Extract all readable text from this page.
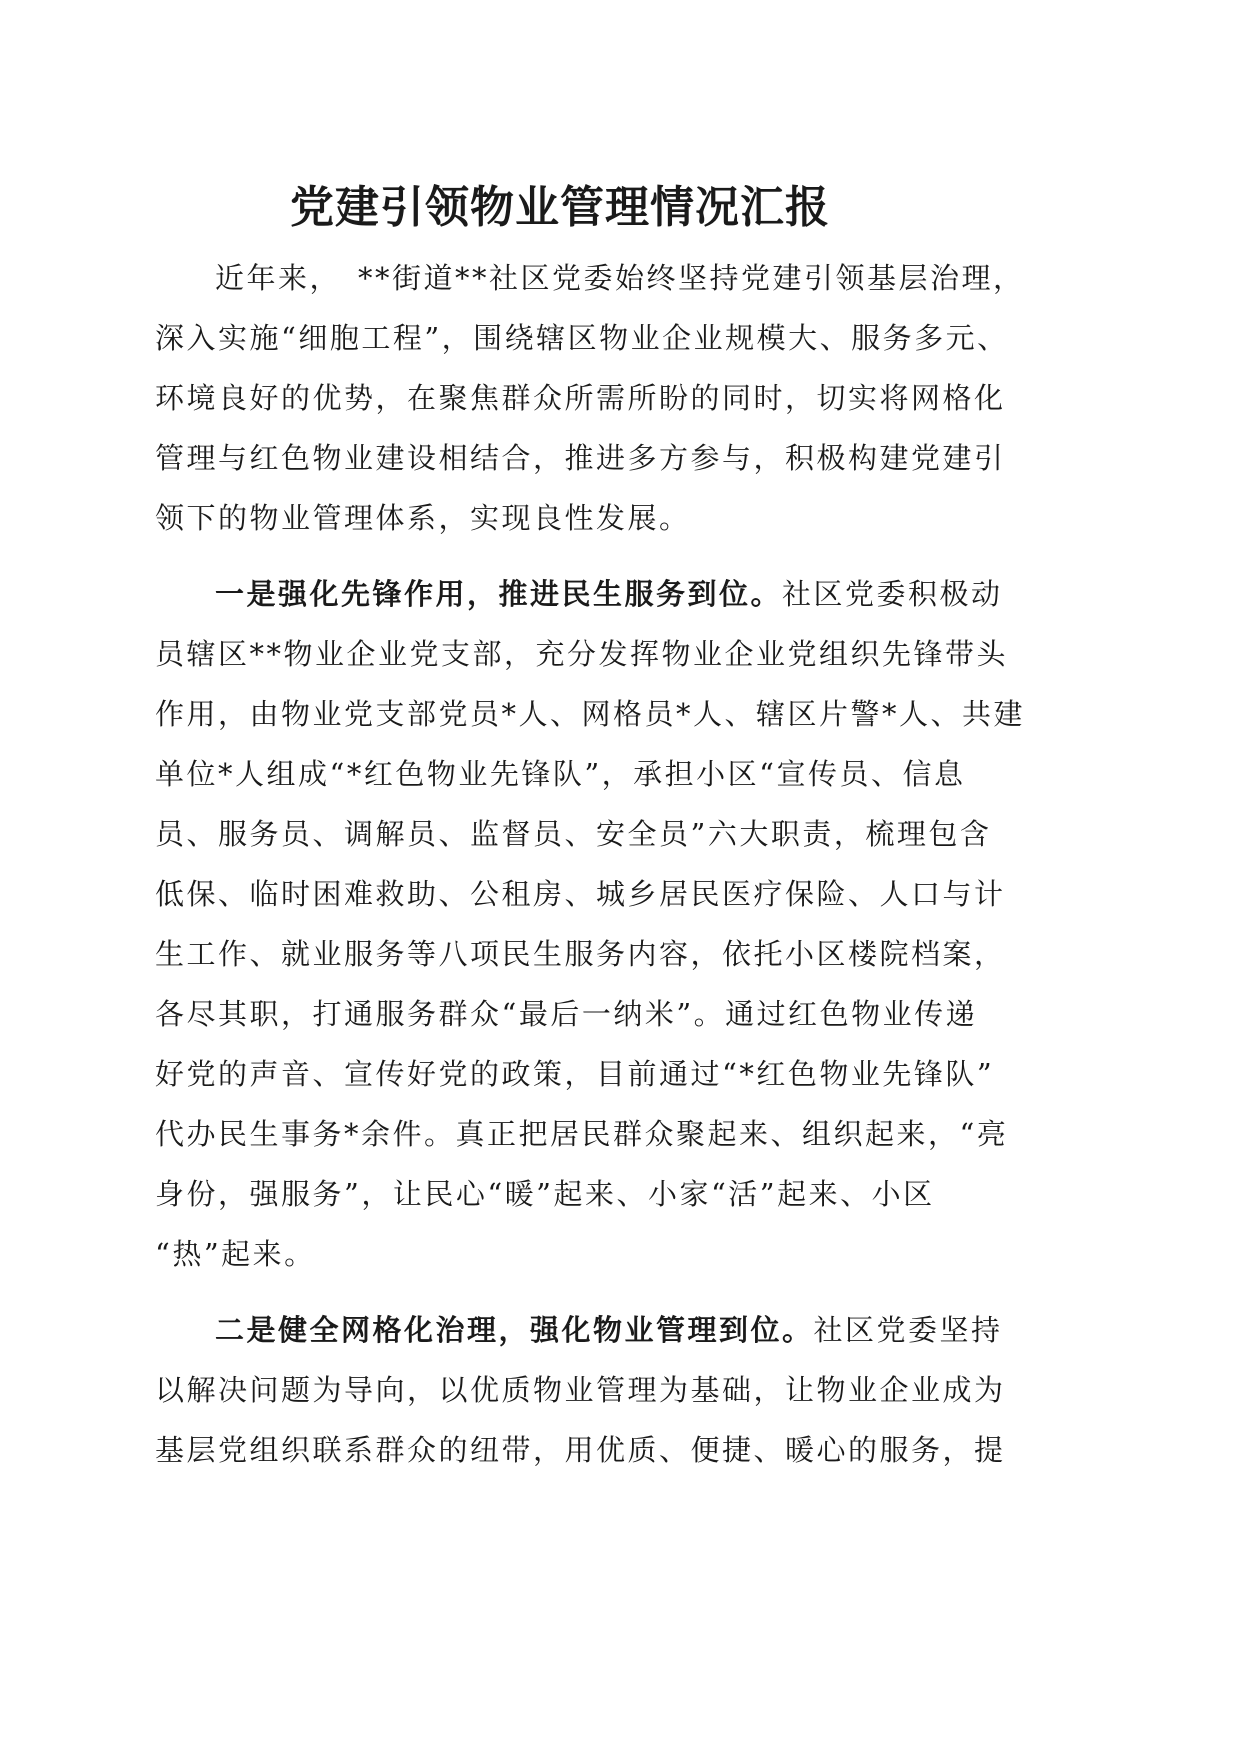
党建引领物业管理情况汇报
近年来，　**街道**社区党委始终坚持党建引领基层治理，
深入实施“细胞工程”，围绕辖区物业企业规模大、服务多元、
环境良好的优势，在聚焦群众所需所盼的同时，切实将网格化
管理与红色物业建设相结合，推进多方参与，积极构建党建引
领下的物业管理体系，实现良性发展。
一是强化先锋作用，推进民生服务到位。社区党委积极动
员辖区**物业企业党支部，充分发挥物业企业党组织先锋带头
作用，由物业党支部党员*人、网格员*人、辖区片警*人、共建
单位*人组成“*红色物业先锋队”，承担小区“宣传员、信息
员、服务员、调解员、监督员、安全员”六大职责，梳理包含
低保、临时困难救助、公租房、城乡居民医疗保险、人口与计
生工作、就业服务等八项民生服务内容，依托小区楼院档案，
各尽其职，打通服务群众“最后一纳米”。通过红色物业传递
好党的声音、宣传好党的政策，目前通过“*红色物业先锋队”
代办民生事务*余件。真正把居民群众聚起来、组织起来，“亮
身份，强服务”，让民心“暖”起来、小家“活”起来、小区
“热”起来。
二是健全网格化治理，强化物业管理到位。社区党委坚持
以解决问题为导向，以优质物业管理为基础，让物业企业成为
基层党组织联系群众的纽带，用优质、便捷、暖心的服务，提
